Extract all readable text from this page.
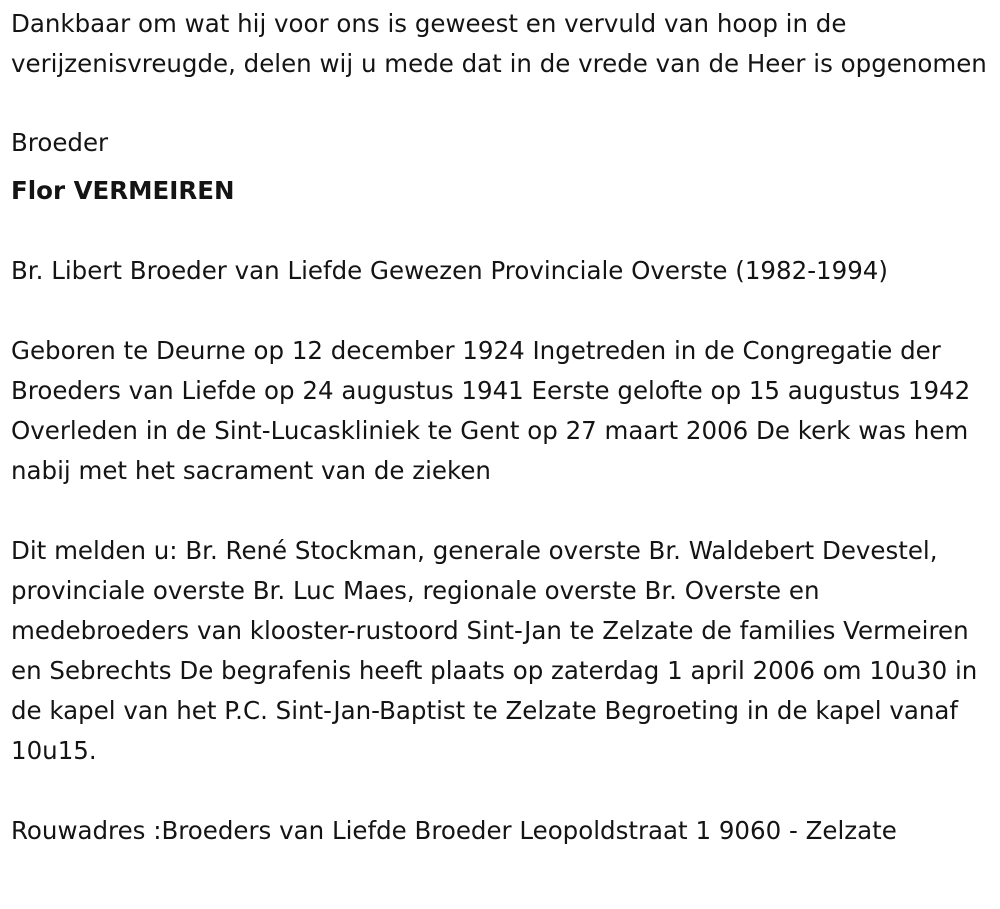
Dankbaar om wat hij voor ons is geweest en vervuld van hoop in de verijzenisvreugde, delen wij u mede dat in de vrede van de Heer is opgenomen

Broeder

Flor VERMEIREN

Br. Libert Broeder van Liefde Gewezen Provinciale Overste (1982-1994)

Geboren te Deurne op 12 december 1924 Ingetreden in de Congregatie der Broeders van Liefde op 24 augustus 1941 Eerste gelofte op 15 augustus 1942 Overleden in de Sint-Lucaskliniek te Gent op 27 maart 2006 De kerk was hem nabij met het sacrament van de zieken

Dit melden u: Br. René Stockman, generale overste Br. Waldebert Devestel, provinciale overste Br. Luc Maes, regionale overste Br. Overste en medebroeders van klooster-rustoord Sint-Jan te Zelzate de families Vermeiren en Sebrechts De begrafenis heeft plaats op zaterdag 1 april 2006 om 10u30 in de kapel van het P.C. Sint-Jan-Baptist te Zelzate Begroeting in de kapel vanaf 10u15.

Rouwadres :Broeders van Liefde Broeder Leopoldstraat 1 9060 - Zelzate
